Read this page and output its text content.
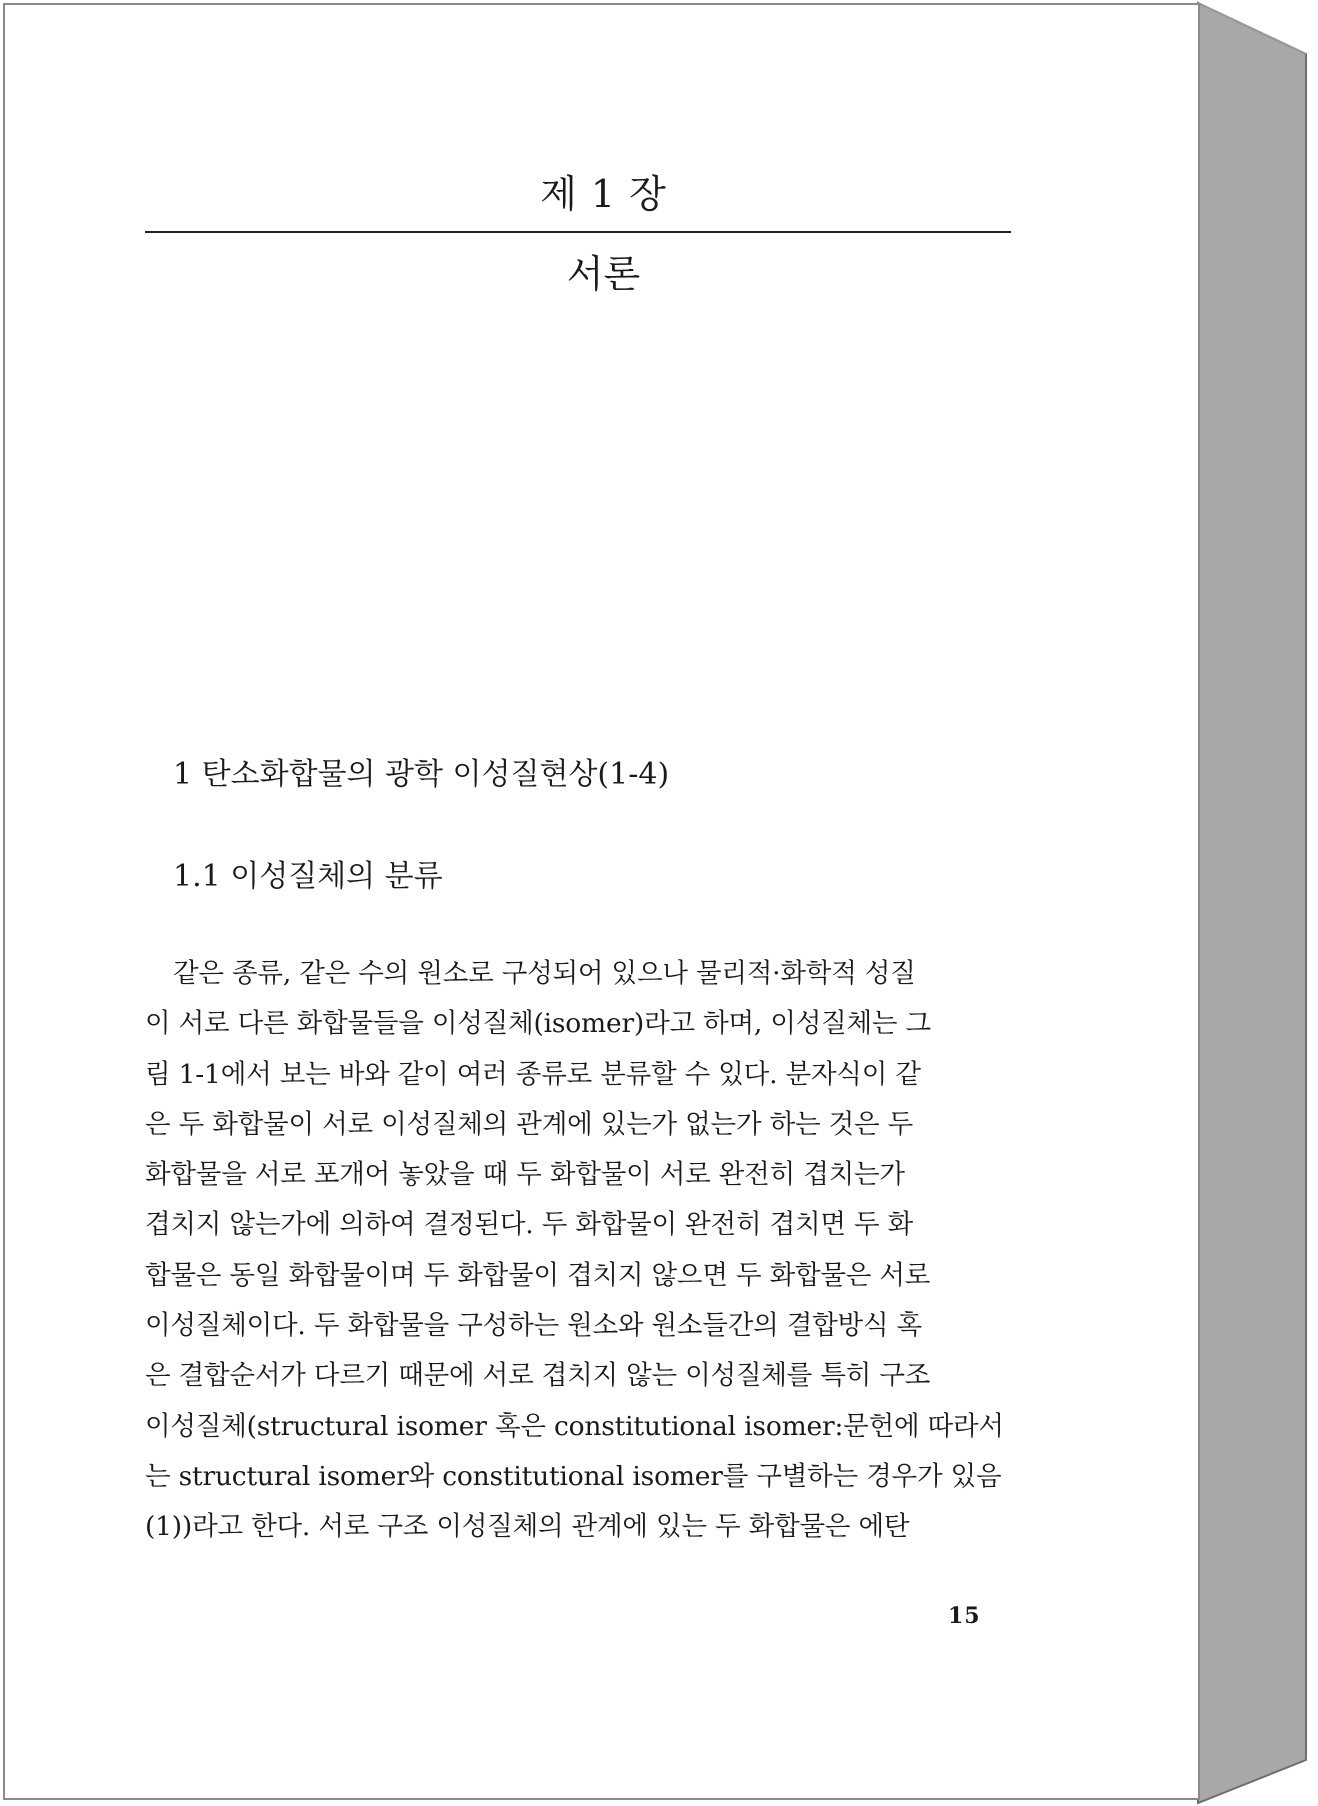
제 1 장
서론
1 탄소화합물의 광학 이성질현상(1-4)
1.1 이성질체의 분류
같은 종류, 같은 수의 원소로 구성되어 있으나 물리적·화학적 성질
이 서로 다른 화합물들을 이성질체(isomer)라고 하며, 이성질체는 그
림 1-1에서 보는 바와 같이 여러 종류로 분류할 수 있다. 분자식이 같
은 두 화합물이 서로 이성질체의 관계에 있는가 없는가 하는 것은 두
화합물을 서로 포개어 놓았을 때 두 화합물이 서로 완전히 겹치는가
겹치지 않는가에 의하여 결정된다. 두 화합물이 완전히 겹치면 두 화
합물은 동일 화합물이며 두 화합물이 겹치지 않으면 두 화합물은 서로
이성질체이다. 두 화합물을 구성하는 원소와 원소들간의 결합방식 혹
은 결합순서가 다르기 때문에 서로 겹치지 않는 이성질체를 특히 구조
이성질체(structural isomer 혹은 constitutional isomer:문헌에 따라서
는 structural isomer와 constitutional isomer를 구별하는 경우가 있음
(1))라고 한다. 서로 구조 이성질체의 관계에 있는 두 화합물은 에탄
15
